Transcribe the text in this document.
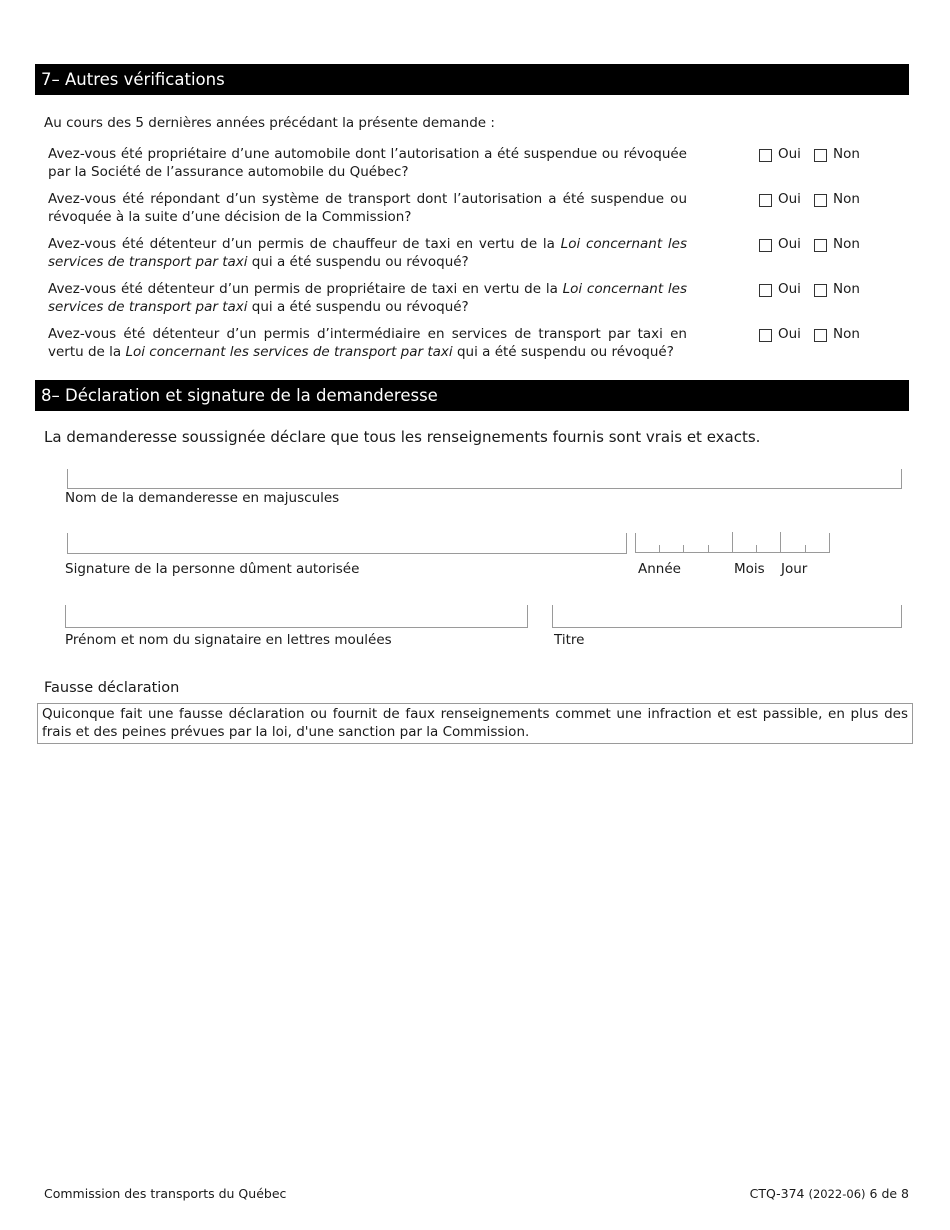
7– Autres vérifications
Au cours des 5 dernières années précédant la présente demande :
Avez-vous été propriétaire d’une automobile dont l’autorisation a été suspendue ou révoquée par la Société de l’assurance automobile du Québec?
Oui Non
Avez-vous été répondant d’un système de transport dont l’autorisation a été suspendue ou révoquée à la suite d’une décision de la Commission?
Oui Non
Avez-vous été détenteur d’un permis de chauffeur de taxi en vertu de la Loi concernant les services de transport par taxi qui a été suspendu ou révoqué?
Oui Non
Avez-vous été détenteur d’un permis de propriétaire de taxi en vertu de la Loi concernant les services de transport par taxi qui a été suspendu ou révoqué?
Oui Non
Avez-vous été détenteur d’un permis d’intermédiaire en services de transport par taxi en vertu de la Loi concernant les services de transport par taxi qui a été suspendu ou révoqué?
Oui Non
8– Déclaration et signature de la demanderesse
La demanderesse soussignée déclare que tous les renseignements fournis sont vrais et exacts.
Nom de la demanderesse en majuscules
Signature de la personne dûment autorisée	Année	Mois Jour
Prénom et nom du signataire en lettres moulées	Titre
Fausse déclaration
Quiconque fait une fausse déclaration ou fournit de faux renseignements commet une infraction et est passible, en plus des frais et des peines prévues par la loi, d'une sanction par la Commission.
Commission des transports du Québec	CTQ-374 (2022-06) 6 de 8
